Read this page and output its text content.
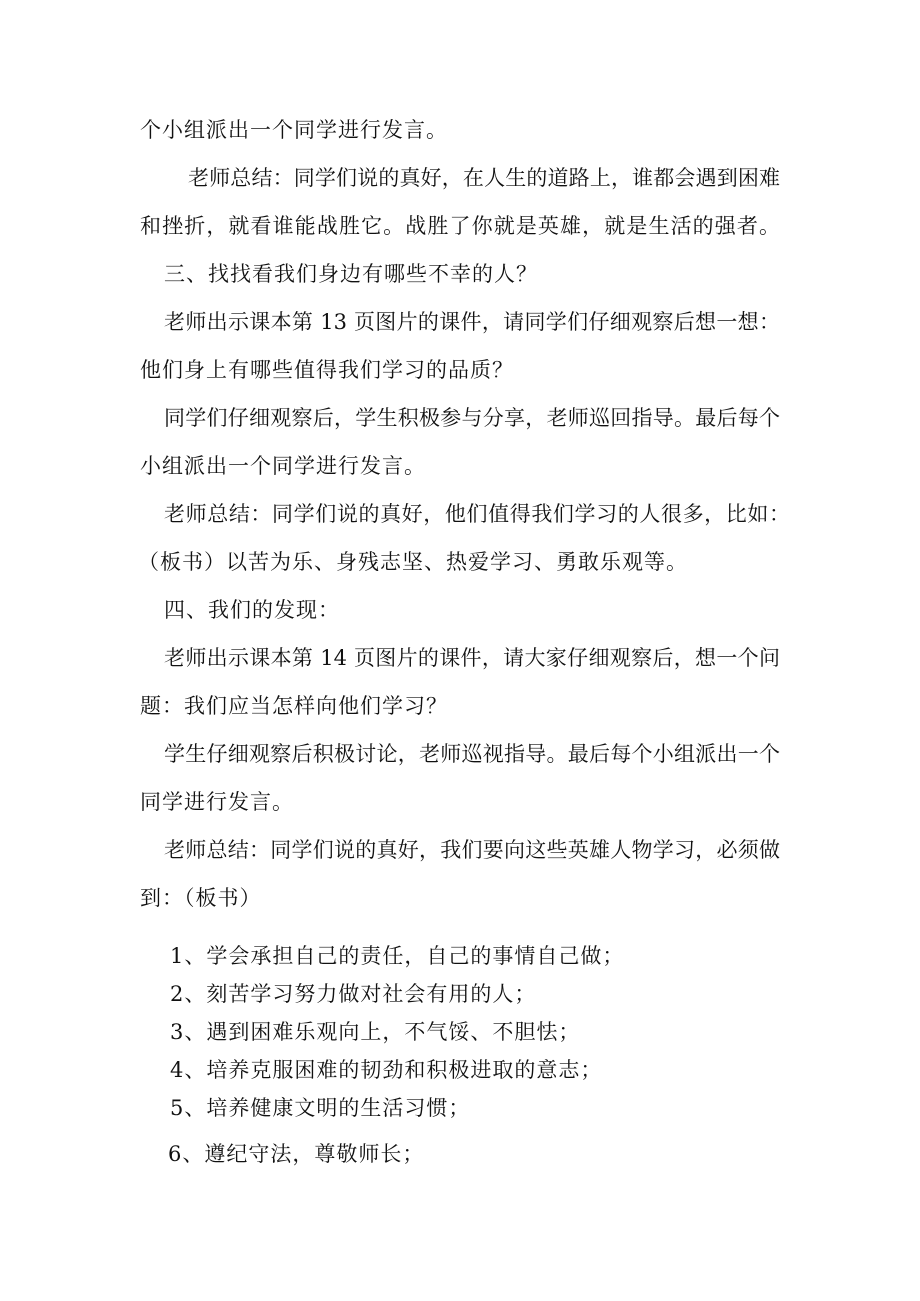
个小组派出一个同学进行发言。
老师总结：同学们说的真好，在人生的道路上，谁都会遇到困难
和挫折，就看谁能战胜它。战胜了你就是英雄，就是生活的强者。
三、找找看我们身边有哪些不幸的人？
老师出示课本第 13 页图片的课件，请同学们仔细观察后想一想：
他们身上有哪些值得我们学习的品质？
同学们仔细观察后，学生积极参与分享，老师巡回指导。最后每个
小组派出一个同学进行发言。
老师总结：同学们说的真好，他们值得我们学习的人很多，比如：
（板书）以苦为乐、身残志坚、热爱学习、勇敢乐观等。
四、我们的发现：
老师出示课本第 14 页图片的课件，请大家仔细观察后，想一个问
题：我们应当怎样向他们学习？
学生仔细观察后积极讨论，老师巡视指导。最后每个小组派出一个
同学进行发言。
老师总结：同学们说的真好，我们要向这些英雄人物学习，必须做
到：（板书）
1、学会承担自己的责任，自己的事情自己做；
2、刻苦学习努力做对社会有用的人；
3、遇到困难乐观向上，不气馁、不胆怯；
4、培养克服困难的韧劲和积极进取的意志；
5、培养健康文明的生活习惯；
6、遵纪守法，尊敬师长；
